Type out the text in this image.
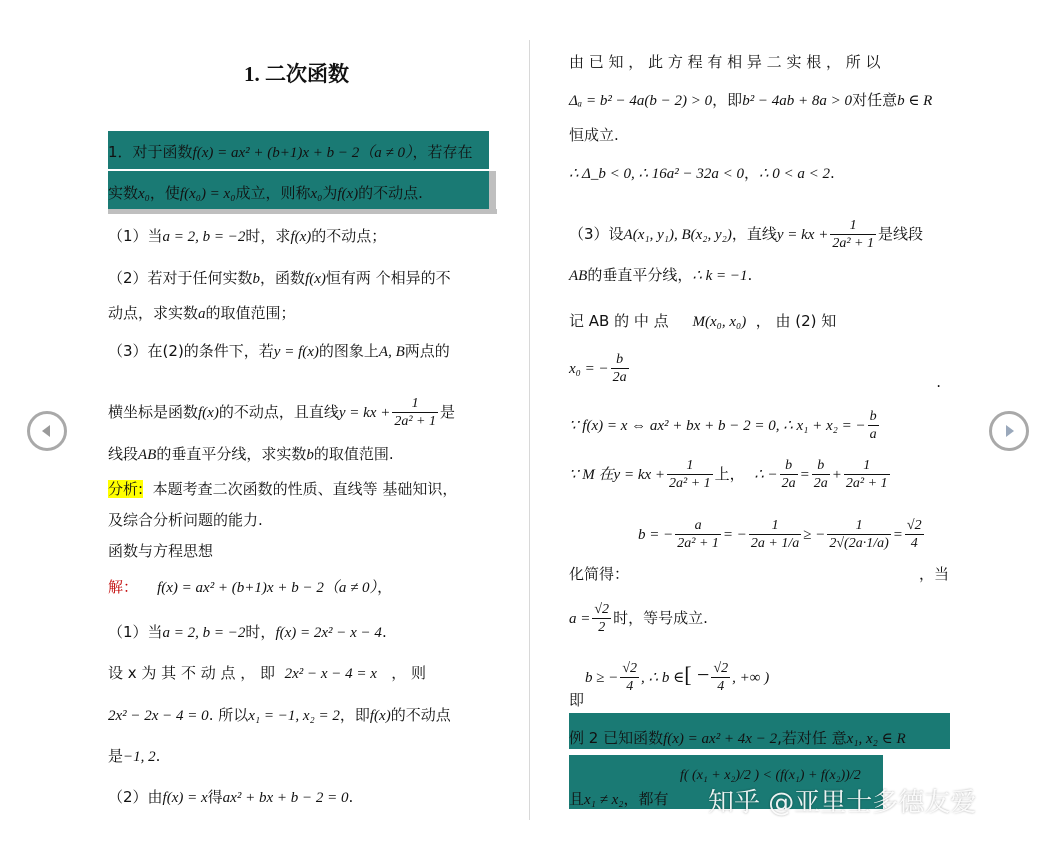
1. 二次函数
1．对于函数f(x) = ax² + (b+1)x + b − 2（a ≠ 0），若存在
实数x₀，使f(x₀) = x₀成立，则称x₀为f(x)的不动点.
（1）当a = 2, b = −2时，求f(x)的不动点；
（2）若对于任何实数b，函数f(x)恒有两 个相异的不
动点，求实数a的取值范围；
（3）在(2)的条件下，若y = f(x)的图象上A, B两点的
横坐标是函数f(x)的不动点，且直线y = kx + $\frac{1}{\text{2a² + 1}}$ 是
线段AB的垂直平分线，求实数b的取值范围.
分析: 本题考查二次函数的性质、直线等 基础知识，
及综合分析问题的能力.
函数与方程思想
解： f(x) = ax² + (b+1)x + b − 2（a ≠ 0），
（1）当a = 2, b = −2时，f(x) = 2x² − x − 4.
设 x 为 其 不 动 点 ， 即 2x² − x − 4 = x ， 则
2x² − 2x − 4 = 0. 所以x₁ = −1, x₂ = 2，即f(x)的不动点
是−1, 2.
（2）由f(x) = x得ax² + bx + b − 2 = 0.
由 已 知 ， 此 方 程 有 相 异 二 实 根 ， 所 以
Δₐ = b² − 4a(b − 2) > 0，即b² − 4ab + 8a > 0对任意b ∈ R
恒成立.
∴ Δ_b < 0, ∴ 16a² − 32a < 0，∴ 0 < a < 2.
（3）设A(x₁, y₁), B(x₂, y₂)，直线y = kx + $\frac{1}{\text{2a² + 1}}$ 是线段
AB的垂直平分线，∴ k = −1.
记 AB 的 中 点 M(x₀, x₀) ， 由 (2) 知
x₀ = − $\frac{b}{2a}$	.
∵ f(x) = x ⇔ ax² + bx + b − 2 = 0, ∴ x₁ + x₂ = − $\frac{b}{a}$
∵ M 在y = kx + $\frac{1}{\text{2a² + 1}}$ 上， ∴ − $\frac{b}{2a} = \frac{b}{2a} + \frac{1}{\text{2a² + 1}}$
b = − $\frac{a}{\text{2a² + 1}}$ = − $\frac{1}{2a + 1/a}$ ≥ − $\frac{1}{2√(2a\cdot 1/a)} = \frac{√2}{4}$
化简得：	，当
$a = \frac{√2}{2}$ 时，等号成立.
b ≥ − $\frac{√2}{4}$ , ∴ b ∈[ − $\frac{√2}{4}$ , +∞ )
即
例 2 已知函数f(x) = ax² + 4x − 2,若对任 意x₁, x₂ ∈ R
且x₁ ≠ x₂，都有
f( (x₁ + x₂)/2 ) < (f(x₁) + f(x₂))/2
知乎 @亚里士多德友爱
